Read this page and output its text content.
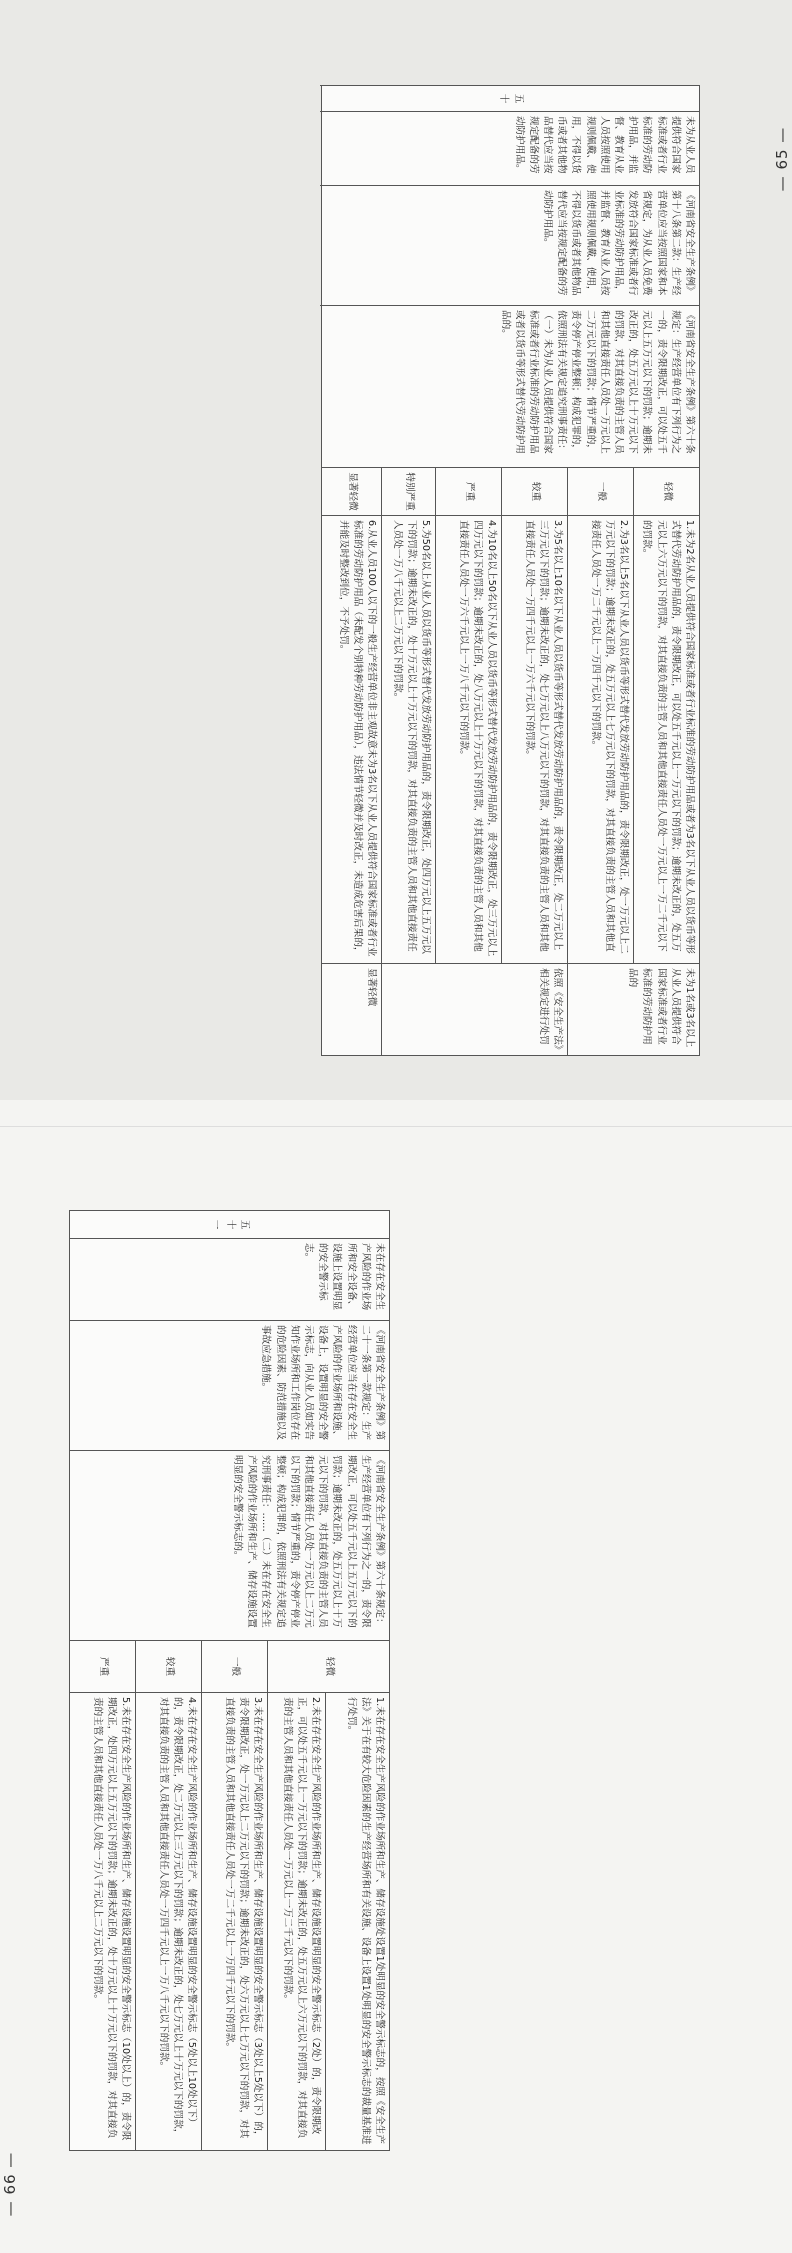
— 65 —
— 66 —
五十	未为从业人员提供符合国家标准或者行业标准的劳动防护用品，并监督、教育从业人员按照使用规则佩戴、使用，不得以货币或者其他物品替代应当按规定配备的劳动防护用品。	《河南省安全生产条例》第十八条第二款：生产经营单位应当按照国家和本省规定，为从业人员免费发放符合国家标准或者行业标准的劳动防护用品，并监督、教育从业人员按照使用规则佩戴、使用，不得以货币或者其他物品替代应当按规定配备的劳动防护用品。	《河南省安全生产条例》第六十条规定：生产经营单位有下列行为之一的，责令限期改正，可以处五千元以上五万元以下的罚款；逾期未改正的，处五万元以上十万元以下的罚款，对其直接负责的主管人员和其他直接责任人员处一万元以上二万元以下的罚款；情节严重的，责令停产停业整顿；构成犯罪的，依照刑法有关规定追究刑事责任：（一）未为从业人员提供符合国家标准或者行业标准的劳动防护用品或者以货币等形式替代劳动防护用品的。	轻微	1.未为2名从业人员提供符合国家标准或者行业标准的劳动防护用品或者为3名以下从业人员以货币等形式替代劳动防护用品的，责令限期改正，可以处五千元以上一万元以下的罚款；逾期未改正的，处五万元以上六万元以下的罚款，对其直接负责的主管人员和其他直接责任人员处一万元以上一万二千元以下的罚款。	未为1名或3名以上从业人员提供符合国家标准或者行业标准的劳动防护用品的
				一般	2.为3名以上5名以下从业人员以货币等形式替代发放劳动防护用品的，责令限期改正，处一万元以上二万元以下的罚款；逾期未改正的，处五万元以上七万元以下的罚款，对其直接负责的主管人员和其他直接责任人员处一万二千元以上一万四千元以下的罚款。	
				较重	3.为5名以上10名以下从业人员以货币等形式替代发放劳动防护用品的，责令限期改正，处二万元以上三万元以下的罚款；逾期未改正的，处七万元以上八万元以下的罚款，对其直接负责的主管人员和其他直接责任人员处一万四千元以上一万六千元以下的罚款。	依照《安全生产法》相关规定进行处罚
				严重	4.为10名以上50名以下从业人员以货币等形式替代发放劳动防护用品的，责令限期改正，处三万元以上四万元以下的罚款；逾期未改正的，处八万元以上十万元以下的罚款，对其直接负责的主管人员和其他直接责任人员处一万六千元以上一万八千元以下的罚款。	
				特别严重	5.为50名以上从业人员以货币等形式替代发放劳动防护用品的，责令限期改正，处四万元以上五万元以下的罚款；逾期未改正的，处十万元以上十万元以下的罚款，对其直接负责的主管人员和其他直接责任人员处一万八千元以上二万元以下的罚款。	
				显著轻微	6.从业人员100人以下的一般生产经营单位非主观故意未为3名以下从业人员提供符合国家标准或者行业标准的劳动防护用品（未配发个别特种劳动防护用品），违法情节轻微并及时改正，未造成危害后果的，并能及时整改到位，不予处罚。	显著轻微

五十一	未在存在安全生产风险的作业场所和安全设备、设施上设置明显的安全警示标志。	《河南省安全生产条例》第二十一条第一款规定：生产经营单位应当在存在安全生产风险的作业场所和设施、设备上，设置明显的安全警示标志，向从业人员如实告知作业场所和工作岗位存在的危险因素、防范措施以及事故应急措施。	《河南省安全生产条例》第六十条规定：生产经营单位有下列行为之一的，责令限期改正，可以处五千元以上五万元以下的罚款；逾期未改正的，处五万元以上十万元以下的罚款，对其直接负责的主管人员和其他直接责任人员处一万元以上二万元以下的罚款；情节严重的，责令停产停业整顿；构成犯罪的，依照刑法有关规定追究刑事责任：……（二）未在存在安全生产风险的作业场所和生产、储存设施设置明显的安全警示标志的。	轻微	1.未在存在安全生产风险的作业场所和生产、储存设施处设置1处明显的安全警示标志的，按照《安全生产法》关于在有较大危险因素的生产经营场所和有关设施、设备上设置1处明显的安全警示标志的裁量基准进行处罚。
					2.未在存在安全生产风险的作业场所和生产、储存设施设置明显的安全警示标志（2处）的，责令限期改正，可以处五千元以上一万元以下的罚款；逾期未改正的，处五万元以上六万元以下的罚款，对其直接负责的主管人员和其他直接责任人员处一万元以上一万二千元以下的罚款。
				一般	3.未在存在安全生产风险的作业场所和生产、储存设施设置明显的安全警示标志（3处以上5处以下）的，责令限期改正，处一万元以上二万元以下的罚款；逾期未改正的，处六万元以上七万元以下的罚款，对其直接负责的主管人员和其他直接责任人员处一万二千元以上一万四千元以下的罚款。
				较重	4.未在存在安全生产风险的作业场所和生产、储存设施设置明显的安全警示标志（5处以上10处以下）的，责令限期改正，处二万元以上三万元以下的罚款；逾期未改正的，处七万元以上十万元以下的罚款，对其直接负责的主管人员和其他直接责任人员处一万四千元以上一万八千元以下的罚款。
				严重	5.未在存在安全生产风险的作业场所和生产、储存设施设置明显的安全警示标志（10处以上）的，责令限期改正，处四万元以上五万元以下的罚款；逾期未改正的，处十万元以上十万元以下的罚款，对其直接负责的主管人员和其他直接责任人员处一万八千元以上二万元以下的罚款。
